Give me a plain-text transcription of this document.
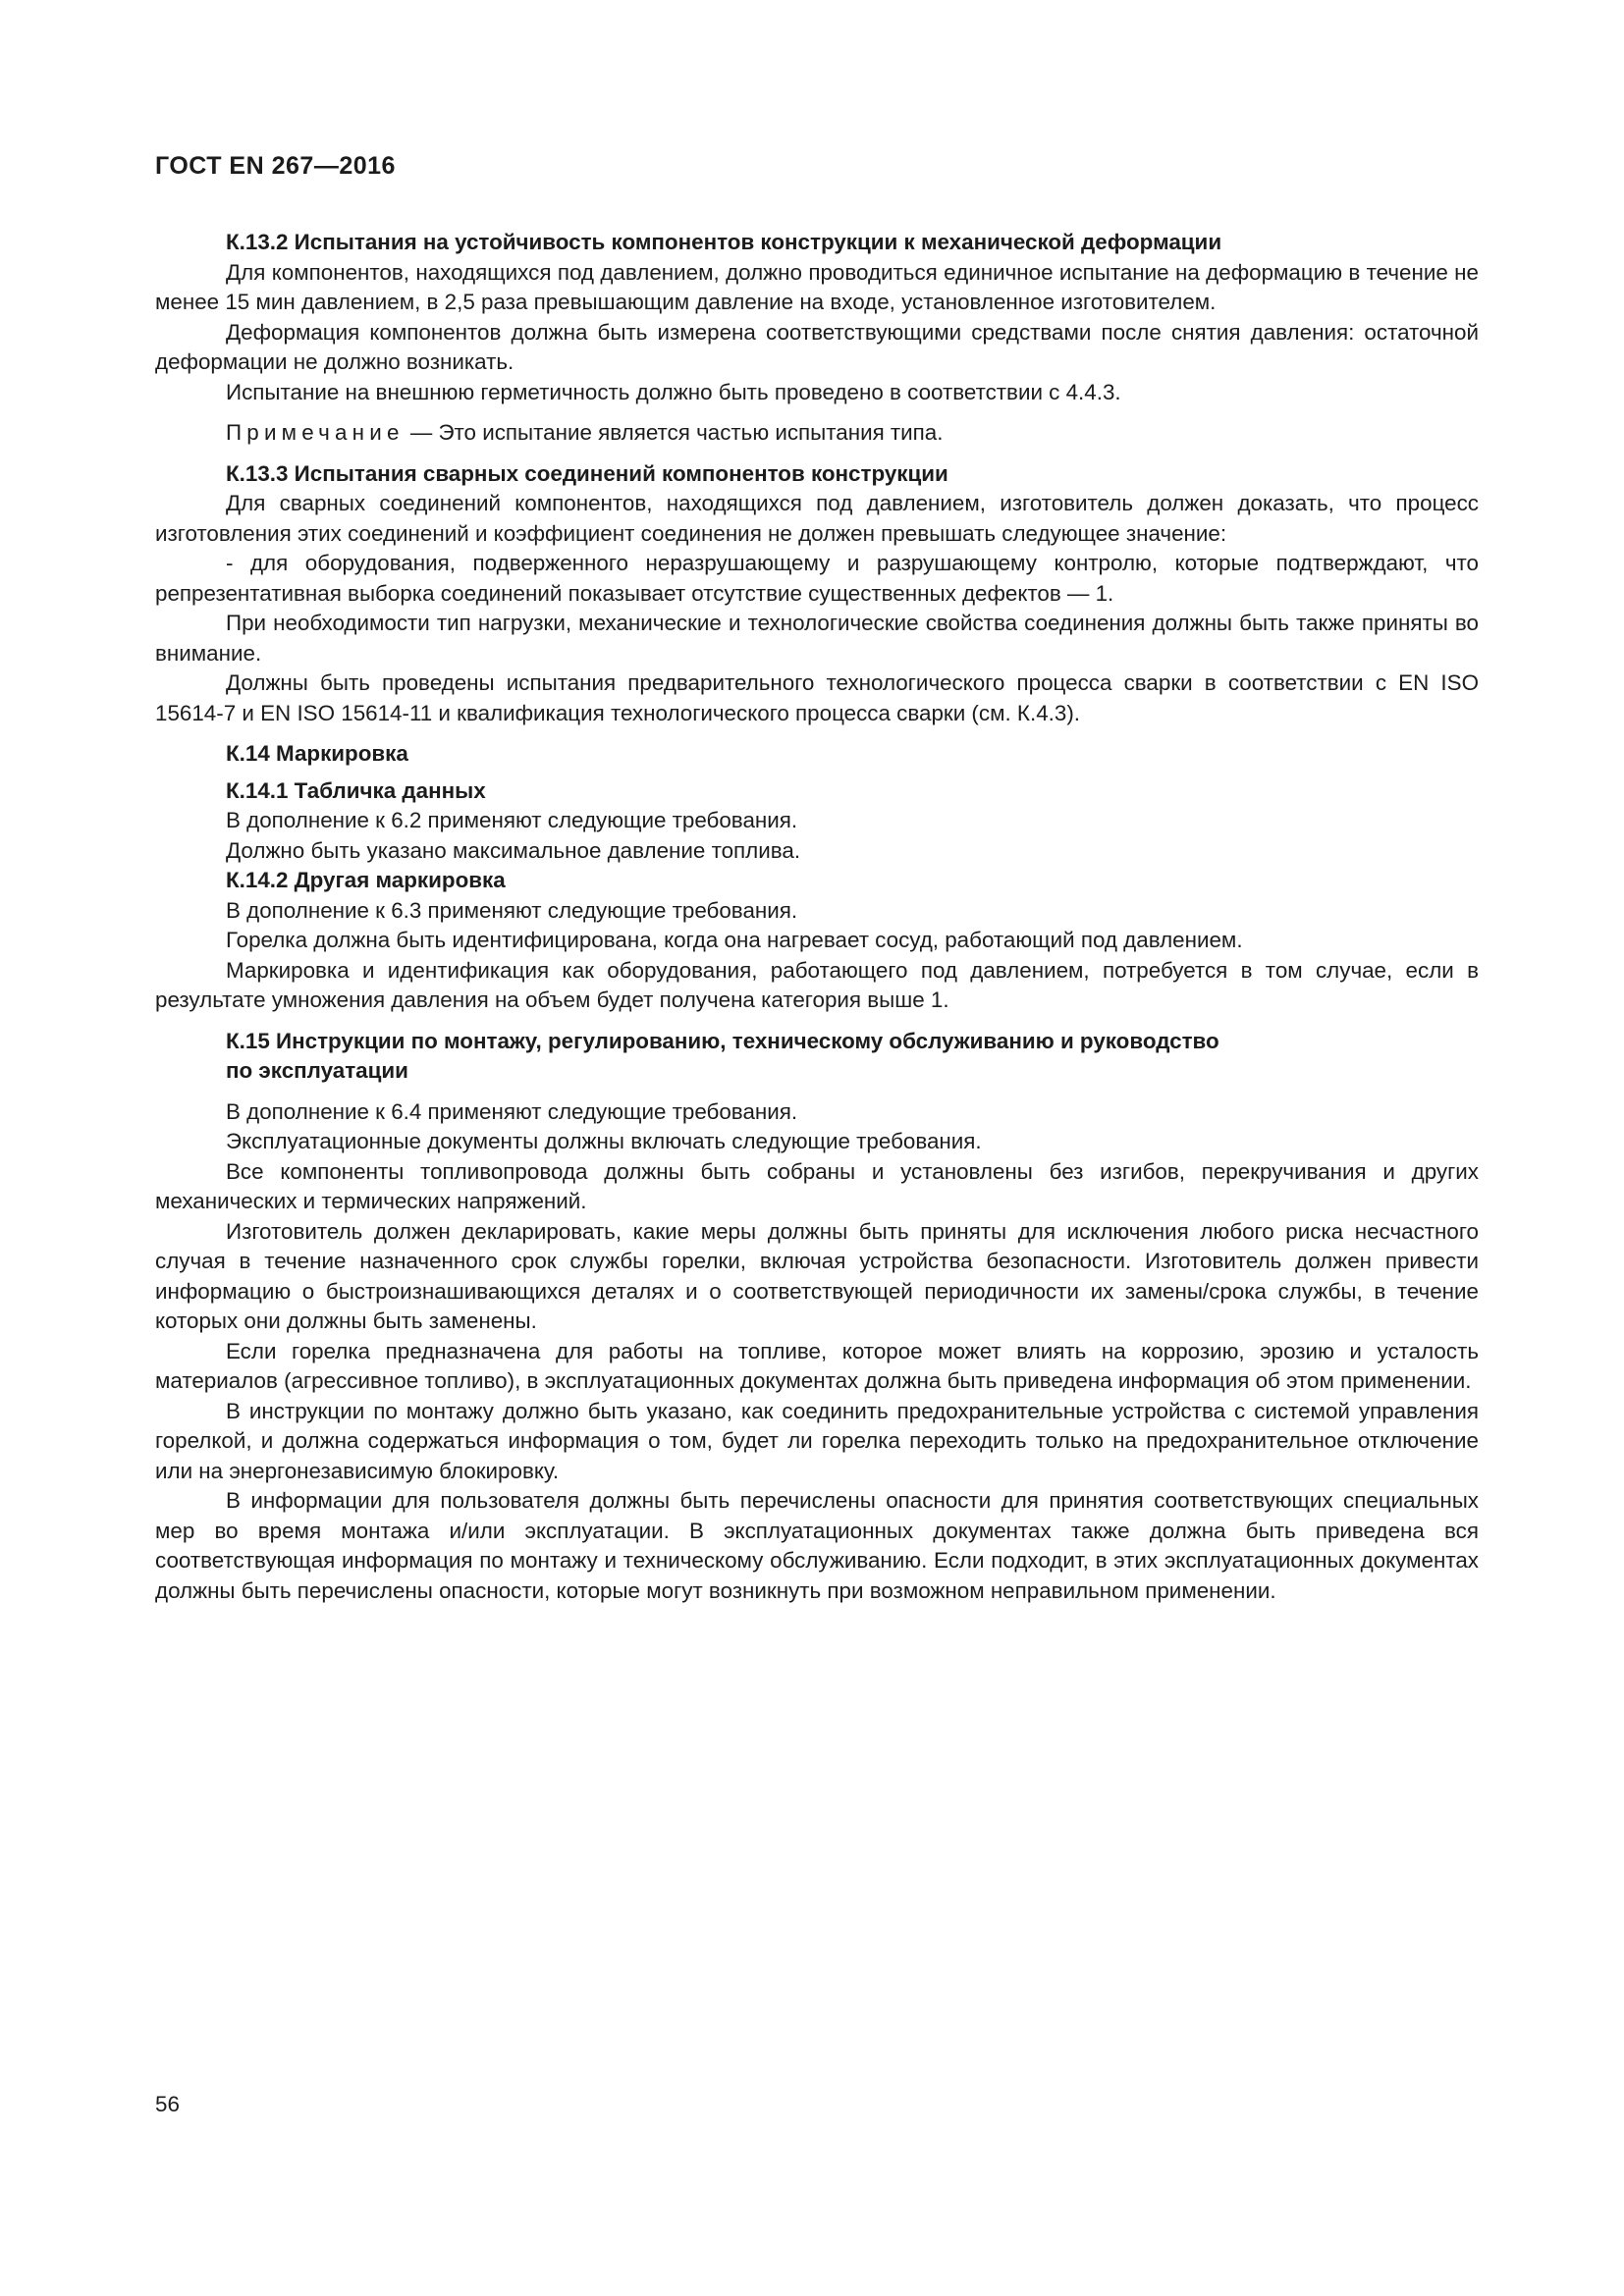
ГОСТ EN 267—2016
К.13.2 Испытания на устойчивость компонентов конструкции к механической деформации

Для компонентов, находящихся под давлением, должно проводиться единичное испытание на деформацию в течение не менее 15 мин давлением, в 2,5 раза превышающим давление на входе, установленное изготовителем.

Деформация компонентов должна быть измерена соответствующими средствами после снятия давления: остаточной деформации не должно возникать.

Испытание на внешнюю герметичность должно быть проведено в соответствии с 4.4.3.

Примечание — Это испытание является частью испытания типа.

К.13.3 Испытания сварных соединений компонентов конструкции

Для сварных соединений компонентов, находящихся под давлением, изготовитель должен доказать, что процесс изготовления этих соединений и коэффициент соединения не должен превышать следующее значение:

- для оборудования, подверженного неразрушающему и разрушающему контролю, которые подтверждают, что репрезентативная выборка соединений показывает отсутствие существенных дефектов — 1.

При необходимости тип нагрузки, механические и технологические свойства соединения должны быть также приняты во внимание.

Должны быть проведены испытания предварительного технологического процесса сварки в соответствии с EN ISO 15614-7 и EN ISO 15614-11 и квалификация технологического процесса сварки (см. К.4.3).

К.14 Маркировка
К.14.1 Табличка данных

В дополнение к 6.2 применяют следующие требования.

Должно быть указано максимальное давление топлива.

К.14.2 Другая маркировка

В дополнение к 6.3 применяют следующие требования.

Горелка должна быть идентифицирована, когда она нагревает сосуд, работающий под давлением.

Маркировка и идентификация как оборудования, работающего под давлением, потребуется в том случае, если в результате умножения давления на объем будет получена категория выше 1.

К.15 Инструкции по монтажу, регулированию, техническому обслуживанию и руководство
по эксплуатации

В дополнение к 6.4 применяют следующие требования.

Эксплуатационные документы должны включать следующие требования.

Все компоненты топливопровода должны быть собраны и установлены без изгибов, перекручивания и других механических и термических напряжений.

Изготовитель должен декларировать, какие меры должны быть приняты для исключения любого риска несчастного случая в течение назначенного срок службы горелки, включая устройства безопасности. Изготовитель должен привести информацию о быстроизнашивающихся деталях и о соответствующей периодичности их замены/срока службы, в течение которых они должны быть заменены.

Если горелка предназначена для работы на топливе, которое может влиять на коррозию, эрозию и усталость материалов (агрессивное топливо), в эксплуатационных документах должна быть приведена информация об этом применении.

В инструкции по монтажу должно быть указано, как соединить предохранительные устройства с системой управления горелкой, и должна содержаться информация о том, будет ли горелка переходить только на предохранительное отключение или на энергонезависимую блокировку.

В информации для пользователя должны быть перечислены опасности для принятия соответствующих специальных мер во время монтажа и/или эксплуатации. В эксплуатационных документах также должна быть приведена вся соответствующая информация по монтажу и техническому обслуживанию. Если подходит, в этих эксплуатационных документах должны быть перечислены опасности, которые могут возникнуть при возможном неправильном применении.

56
